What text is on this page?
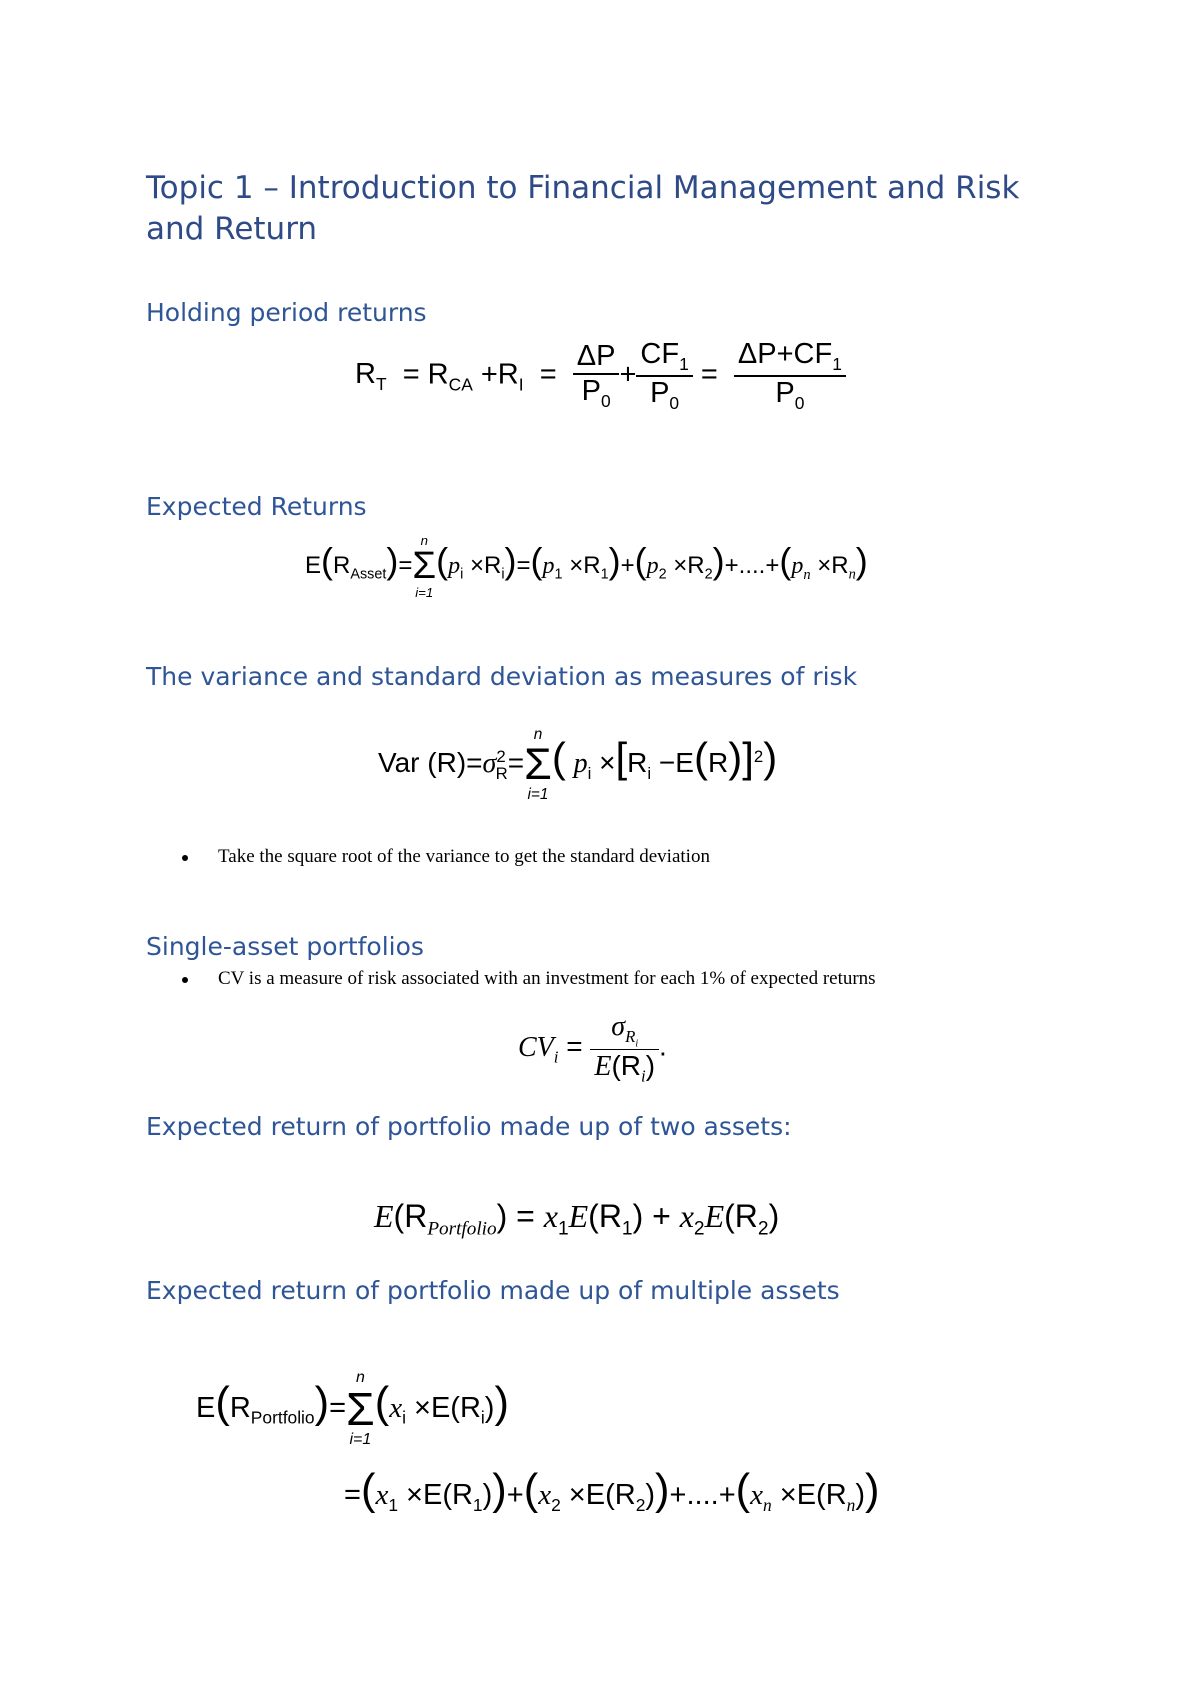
Topic 1 – Introduction to Financial Management and Risk and Return
Holding period returns
$R_T = R_{CA} +R_I = \frac{\Delta P}{P_0} + \frac{CF_1}{P_0} = \frac{\Delta P+CF_1}{P_0}$
Expected Returns
$E(R_{Asset})=$
n
Σ
i=1
$(p_i \times R_i)=(p_1 \times R_1)+(p_2 \times R_2)+....+(p_n \times R_n)$
The variance and standard deviation as measures of risk
Var $(R)=\sigma^2_R=$
n
Σ
i=1
( $p_i \times[R_i -E(R)]^2$)
Take the square root of the variance to get the standard deviation
Single-asset portfolios
CV is a measure of risk associated with an investment for each 1% of expected returns
$CV_i = \frac{\sigma_{R_i}}{E(R_i)}$ .
Expected return of portfolio made up of two assets:
$E(R_{Portfolio}) = x_1E(R_1) + x_2E(R_2)$
Expected return of portfolio made up of multiple assets
$E(R_{Portfolio})=$
n
Σ
i=1
$(x_i \times E(R_i))$
$=(x_1 \times E(R_1))+(x_2 \times E(R_2))+....+(x_n \times E(R_n))$
